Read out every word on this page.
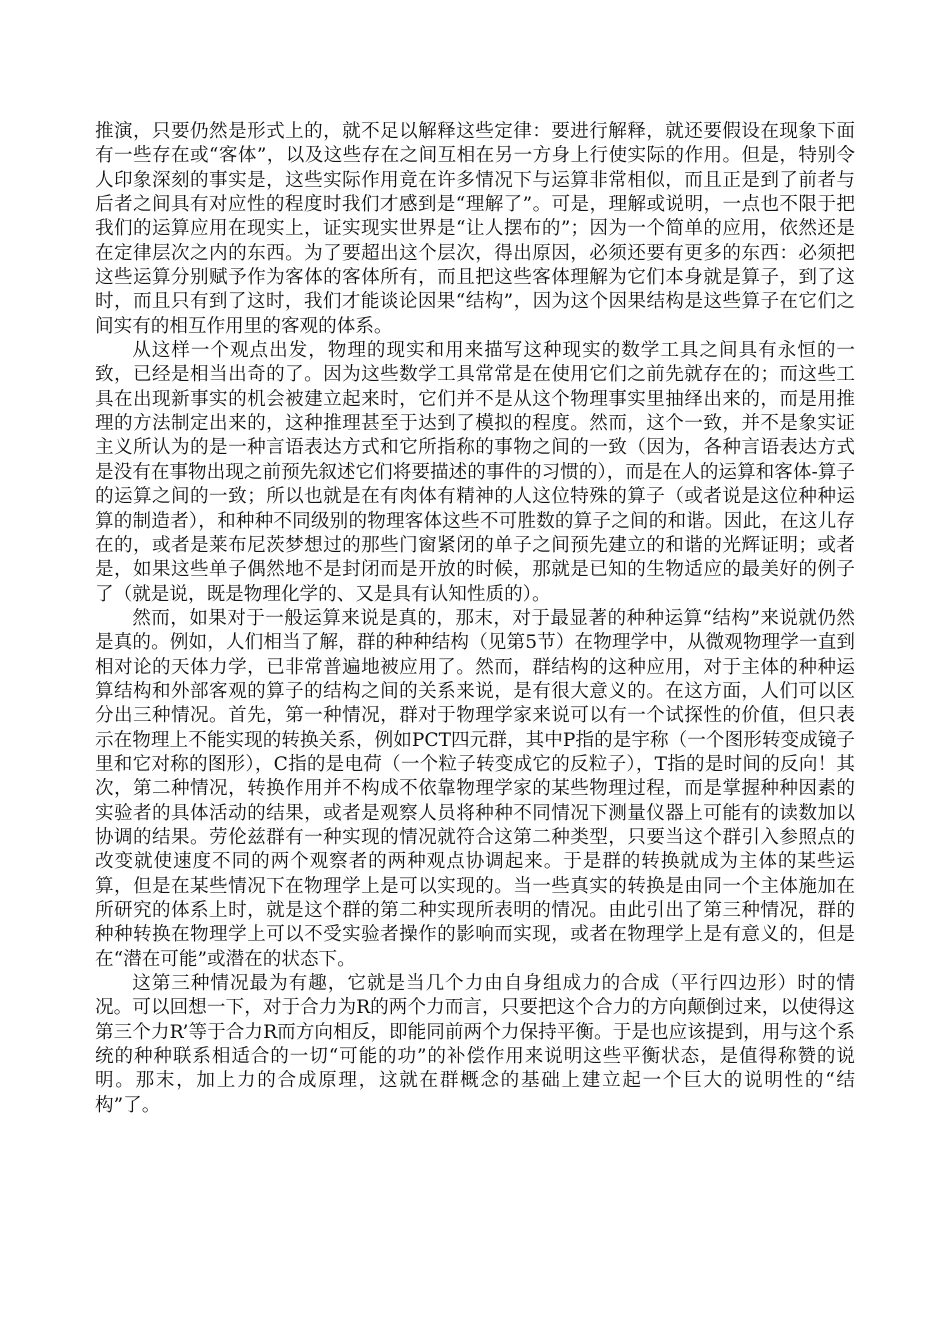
推演，只要仍然是形式上的，就不足以解释这些定律：要进行解释，就还要假设在现象下面有一些存在或“客体”，以及这些存在之间互相在另一方身上行使实际的作用。但是，特别令人印象深刻的事实是，这些实际作用竟在许多情况下与运算非常相似，而且正是到了前者与后者之间具有对应性的程度时我们才感到是“理解了”。可是，理解或说明，一点也不限于把我们的运算应用在现实上，证实现实世界是“让人摆布的”；因为一个简单的应用，依然还是在定律层次之内的东西。为了要超出这个层次，得出原因，必须还要有更多的东西：必须把这些运算分别赋予作为客体的客体所有，而且把这些客体理解为它们本身就是算子，到了这时，而且只有到了这时，我们才能谈论因果“结构”，因为这个因果结构是这些算子在它们之间实有的相互作用里的客观的体系。

从这样一个观点出发，物理的现实和用来描写这种现实的数学工具之间具有永恒的一致，已经是相当出奇的了。因为这些数学工具常常是在使用它们之前先就存在的；而这些工具在出现新事实的机会被建立起来时，它们并不是从这个物理事实里抽绎出来的，而是用推理的方法制定出来的，这种推理甚至于达到了模拟的程度。然而，这个一致，并不是象实证主义所认为的是一种言语表达方式和它所指称的事物之间的一致（因为，各种言语表达方式是没有在事物出现之前预先叙述它们将要描述的事件的习惯的），而是在人的运算和客体-算子的运算之间的一致；所以也就是在有肉体有精神的人这位特殊的算子（或者说是这位种种运算的制造者），和种种不同级别的物理客体这些不可胜数的算子之间的和谐。因此，在这儿存在的，或者是莱布尼茨梦想过的那些门窗紧闭的单子之间预先建立的和谐的光辉证明；或者是，如果这些单子偶然地不是封闭而是开放的时候，那就是已知的生物适应的最美好的例子了（就是说，既是物理化学的、又是具有认知性质的）。

然而，如果对于一般运算来说是真的，那末，对于最显著的种种运算“结构”来说就仍然是真的。例如，人们相当了解，群的种种结构（见第5节）在物理学中，从微观物理学一直到相对论的天体力学，已非常普遍地被应用了。然而，群结构的这种应用，对于主体的种种运算结构和外部客观的算子的结构之间的关系来说，是有很大意义的。在这方面，人们可以区分出三种情况。首先，第一种情况，群对于物理学家来说可以有一个试探性的价值，但只表示在物理上不能实现的转换关系，例如PCT四元群，其中P指的是宇称（一个图形转变成镜子里和它对称的图形），C指的是电荷（一个粒子转变成它的反粒子），T指的是时间的反向！其次，第二种情况，转换作用并不构成不依靠物理学家的某些物理过程，而是掌握种种因素的实验者的具体活动的结果，或者是观察人员将种种不同情况下测量仪器上可能有的读数加以协调的结果。劳伦兹群有一种实现的情况就符合这第二种类型，只要当这个群引入参照点的改变就使速度不同的两个观察者的两种观点协调起来。于是群的转换就成为主体的某些运算，但是在某些情况下在物理学上是可以实现的。当一些真实的转换是由同一个主体施加在所研究的体系上时，就是这个群的第二种实现所表明的情况。由此引出了第三种情况，群的种种转换在物理学上可以不受实验者操作的影响而实现，或者在物理学上是有意义的，但是在“潜在可能”或潜在的状态下。

这第三种情况最为有趣，它就是当几个力由自身组成力的合成（平行四边形）时的情况。可以回想一下，对于合力为R的两个力而言，只要把这个合力的方向颠倒过来，以使得这第三个力R’等于合力R而方向相反，即能同前两个力保持平衡。于是也应该提到，用与这个系统的种种联系相适合的一切“可能的功”的补偿作用来说明这些平衡状态，是值得称赞的说明。那末，加上力的合成原理，这就在群概念的基础上建立起一个巨大的说明性的“结构”了。
